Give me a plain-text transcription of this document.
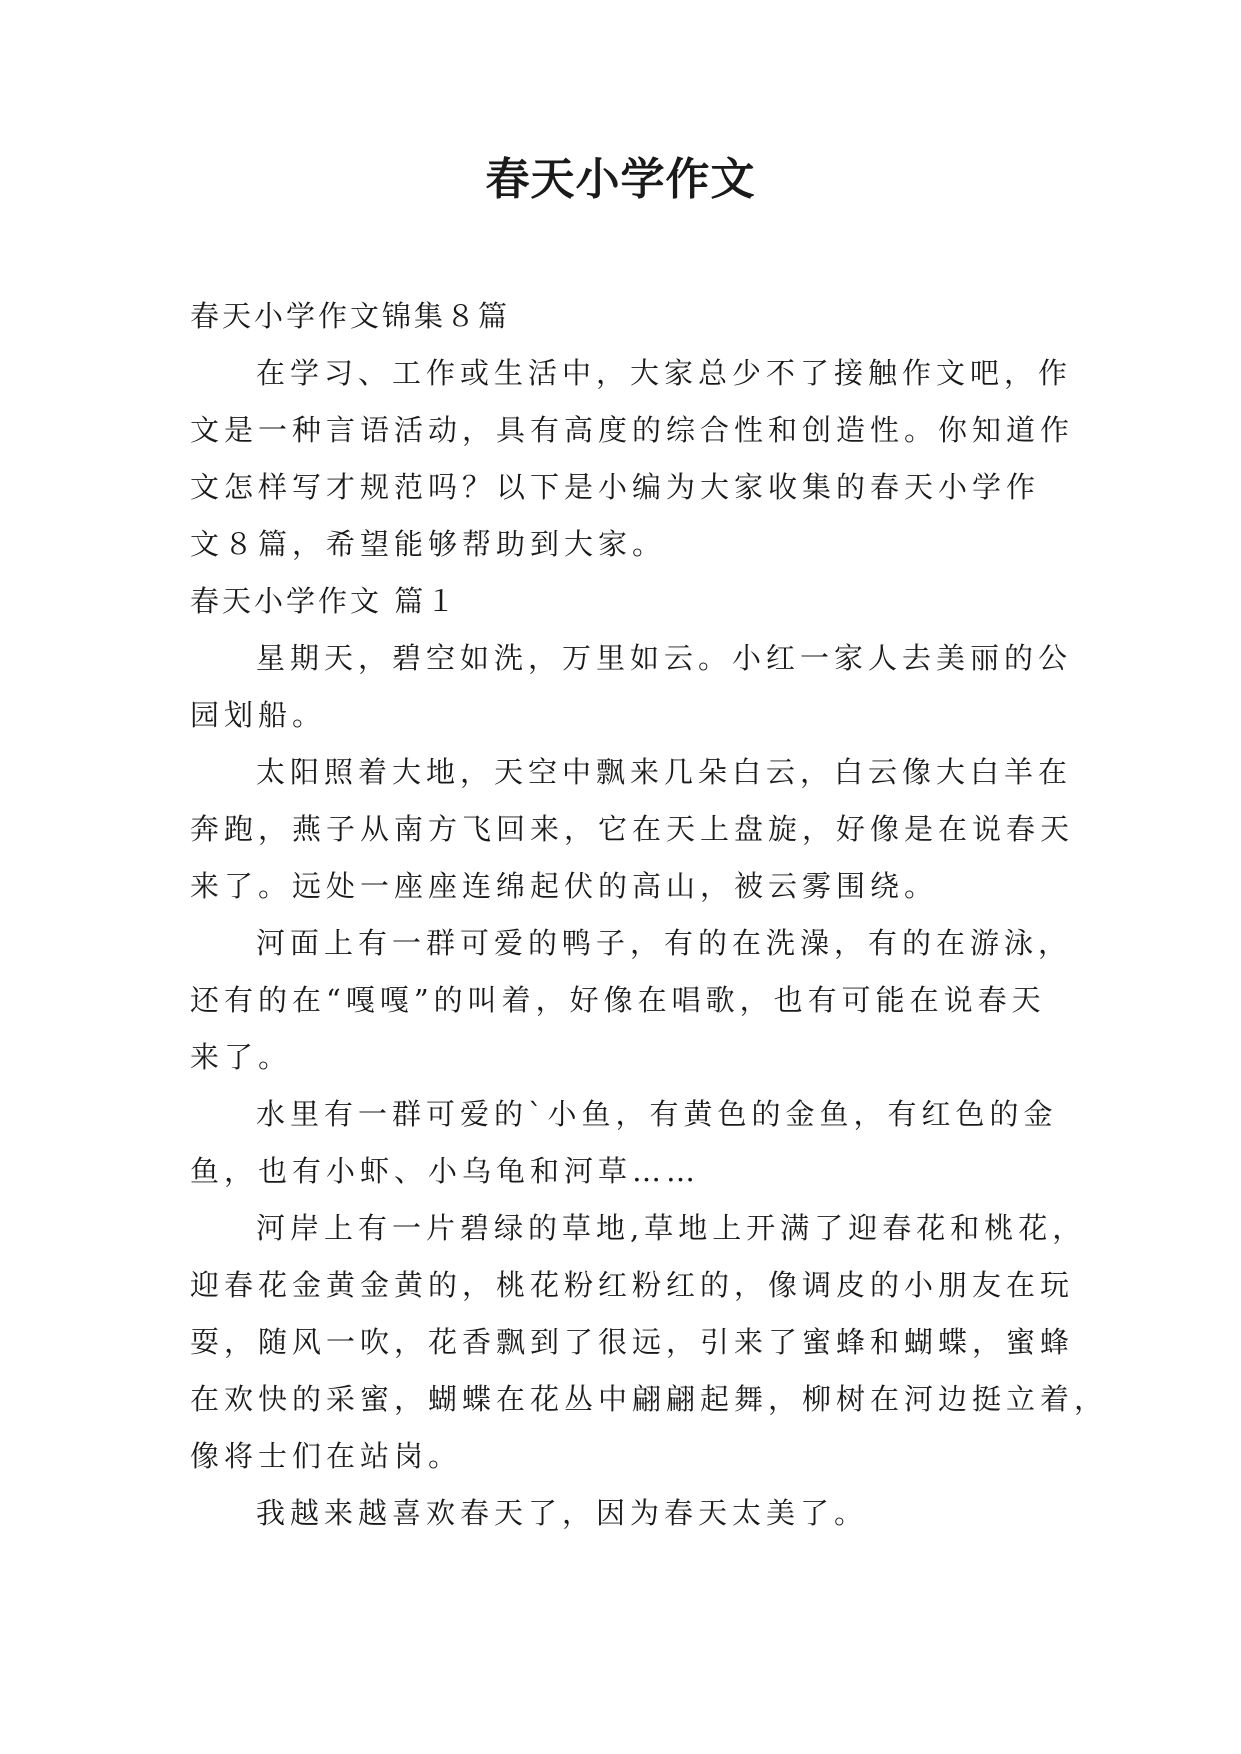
春天小学作文
春天小学作文锦集８篇
在学习、工作或生活中，大家总少不了接触作文吧，作
文是一种言语活动，具有高度的综合性和创造性。你知道作
文怎样写才规范吗？以下是小编为大家收集的春天小学作
文８篇，希望能够帮助到大家。
春天小学作文 篇１
星期天，碧空如洗，万里如云。小红一家人去美丽的公
园划船。
太阳照着大地，天空中飘来几朵白云，白云像大白羊在
奔跑，燕子从南方飞回来，它在天上盘旋，好像是在说春天
来了。远处一座座连绵起伏的高山，被云雾围绕。
河面上有一群可爱的鸭子，有的在洗澡，有的在游泳，
还有的在“嘎嘎”的叫着，好像在唱歌，也有可能在说春天
来了。
水里有一群可爱的`小鱼，有黄色的金鱼，有红色的金
鱼，也有小虾、小乌龟和河草……
河岸上有一片碧绿的草地,草地上开满了迎春花和桃花，
迎春花金黄金黄的，桃花粉红粉红的，像调皮的小朋友在玩
耍，随风一吹，花香飘到了很远，引来了蜜蜂和蝴蝶，蜜蜂
在欢快的采蜜，蝴蝶在花丛中翩翩起舞，柳树在河边挺立着，
像将士们在站岗。
我越来越喜欢春天了，因为春天太美了。
